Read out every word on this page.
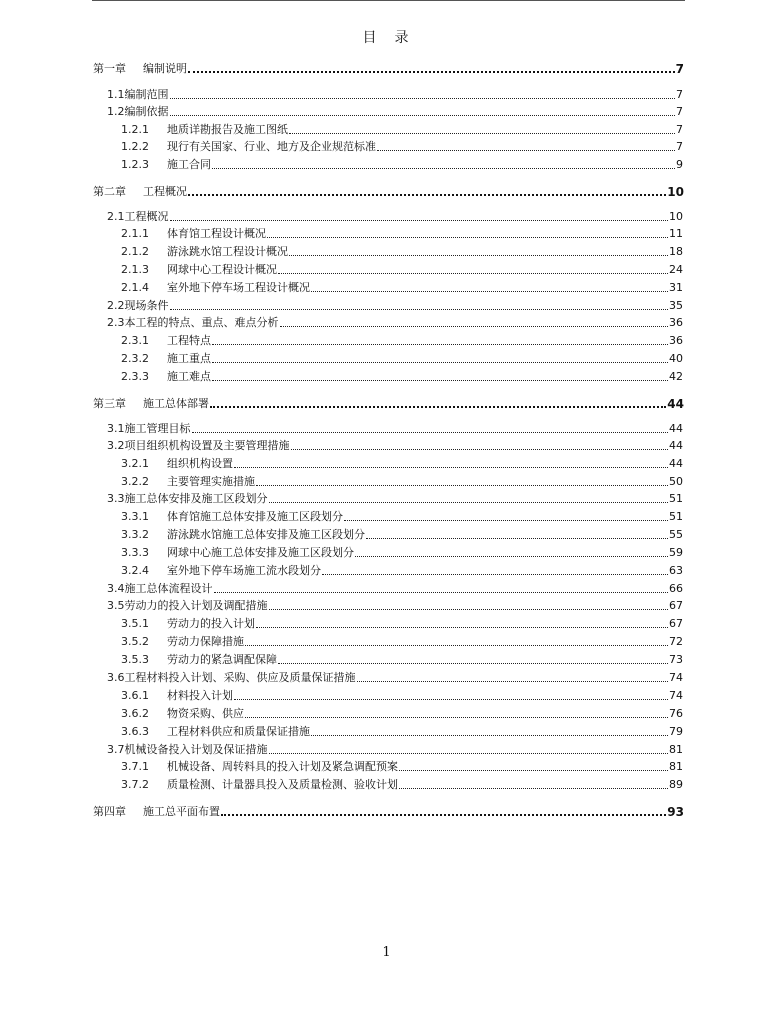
目　录
第一章	编制说明	7
1.1 编制范围	7
1.2 编制依据	7
1.2.1	地质详勘报告及施工图纸	7
1.2.2	现行有关国家、行业、地方及企业规范标准	7
1.2.3	施工合同	9
第二章	工程概况	10
2.1 工程概况	10
2.1.1	体育馆工程设计概况	11
2.1.2	游泳跳水馆工程设计概况	18
2.1.3	网球中心工程设计概况	24
2.1.4	室外地下停车场工程设计概况	31
2.2 现场条件	35
2.3 本工程的特点、重点、难点分析	36
2.3.1	工程特点	36
2.3.2	施工重点	40
2.3.3	施工难点	42
第三章	施工总体部署	44
3.1 施工管理目标	44
3.2 项目组织机构设置及主要管理措施	44
3.2.1	组织机构设置	44
3.2.2	主要管理实施措施	50
3.3 施工总体安排及施工区段划分	51
3.3.1	体育馆施工总体安排及施工区段划分	51
3.3.2	游泳跳水馆施工总体安排及施工区段划分	55
3.3.3	网球中心施工总体安排及施工区段划分	59
3.2.4	室外地下停车场施工流水段划分	63
3.4 施工总体流程设计	66
3.5 劳动力的投入计划及调配措施	67
3.5.1	劳动力的投入计划	67
3.5.2	劳动力保障措施	72
3.5.3	劳动力的紧急调配保障	73
3.6 工程材料投入计划、采购、供应及质量保证措施	74
3.6.1	材料投入计划	74
3.6.2	物资采购、供应	76
3.6.3	工程材料供应和质量保证措施	79
3.7 机械设备投入计划及保证措施	81
3.7.1	机械设备、周转料具的投入计划及紧急调配预案	81
3.7.2	质量检测、计量器具投入及质量检测、验收计划	89
第四章	施工总平面布置	93
1
